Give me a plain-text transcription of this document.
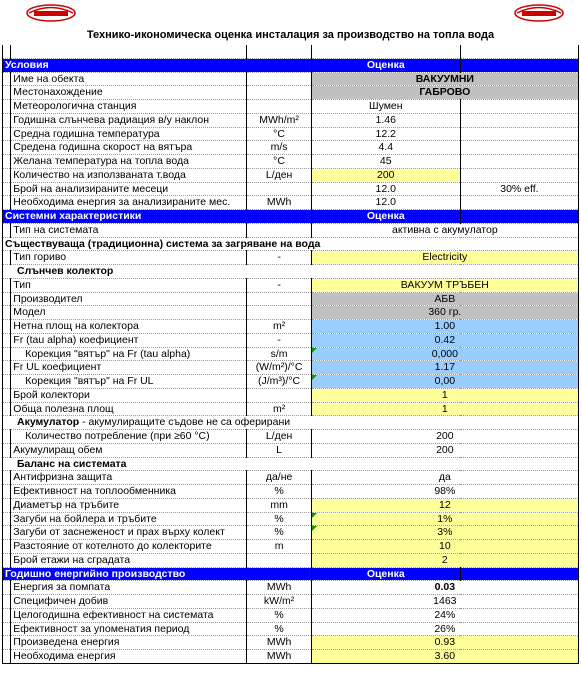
Технико-икономическа оценка инсталация за производство на топла вода

Условия			Оценка	
	Име на обекта		ВАКУУМНИ	
	Местонахождение		ГАБРОВО	
	Метеорологична станция		Шумен	
	Годишна слънчева радиация в/у наклон	MWh/m²	1.46	
	Средна годишна температура	°C	12.2	
	Средена годишна скорост на вятъра	m/s	4.4	
	Желана температура на топла вода	°C	45	
	Количество на използваната т.вода	L/ден	200	
	Брой на анализираните месеци		12.0	30% eff.
	Необходима енергия за анализираните мес.	MWh	12.0	
Системни характеристики			Оценка	
	Тип на системата		активна с акумулатор	
Съществуваща (традиционна) система за загряване на вода				
	Тип гориво	-	Electricity	
Слънчев колектор				
	Тип	-	ВАКУУМ ТРЪБЕН	
	Производител		АБВ	
	Модел		360 гр.	
	Нетна площ на колектора	m²	1.00	
	Fr (tau alpha) коефициент	-	0.42	
	Корекция "вятър" на Fr (tau alpha)	s/m	0,000	
	Fr UL коефициент	(W/m²)/°C	1.17	
	Корекция "вятър" на Fr UL	(J/m³)/°C	0,00	
	Брой колектори		1	
	Обща полезна площ	m²	1	
Акумулатор - акумулиращите съдове не са оферирани				
	Количество потребление (при ≥60 °C)	L/ден	200	
	Акумулиращ обем	L	200	
Баланс на системата				
	Антифризна защита	да/не	да	
	Ефективност на топлообменника	%	98%	
	Диаметър на тръбите	mm	12	
	Загуби на бойлера и тръбите	%	1%	
	Загуби от заснеженост и прах върху колект	%	3%	
	Разстояние от котелното до колекторите	m	10	
	Брой етажи на сградата		2	
Годишно енергийно производство			Оценка	
	Енергия за помпата	MWh	0.03	
	Специфичен добив	kW/m²	1463	
	Целогодишна ефективност на системата	%	24%	
	Ефективност за упоменатия период	%	26%	
	Произведена енергия	MWh	0.93	
	Необходима енергия	MWh	3.60	
